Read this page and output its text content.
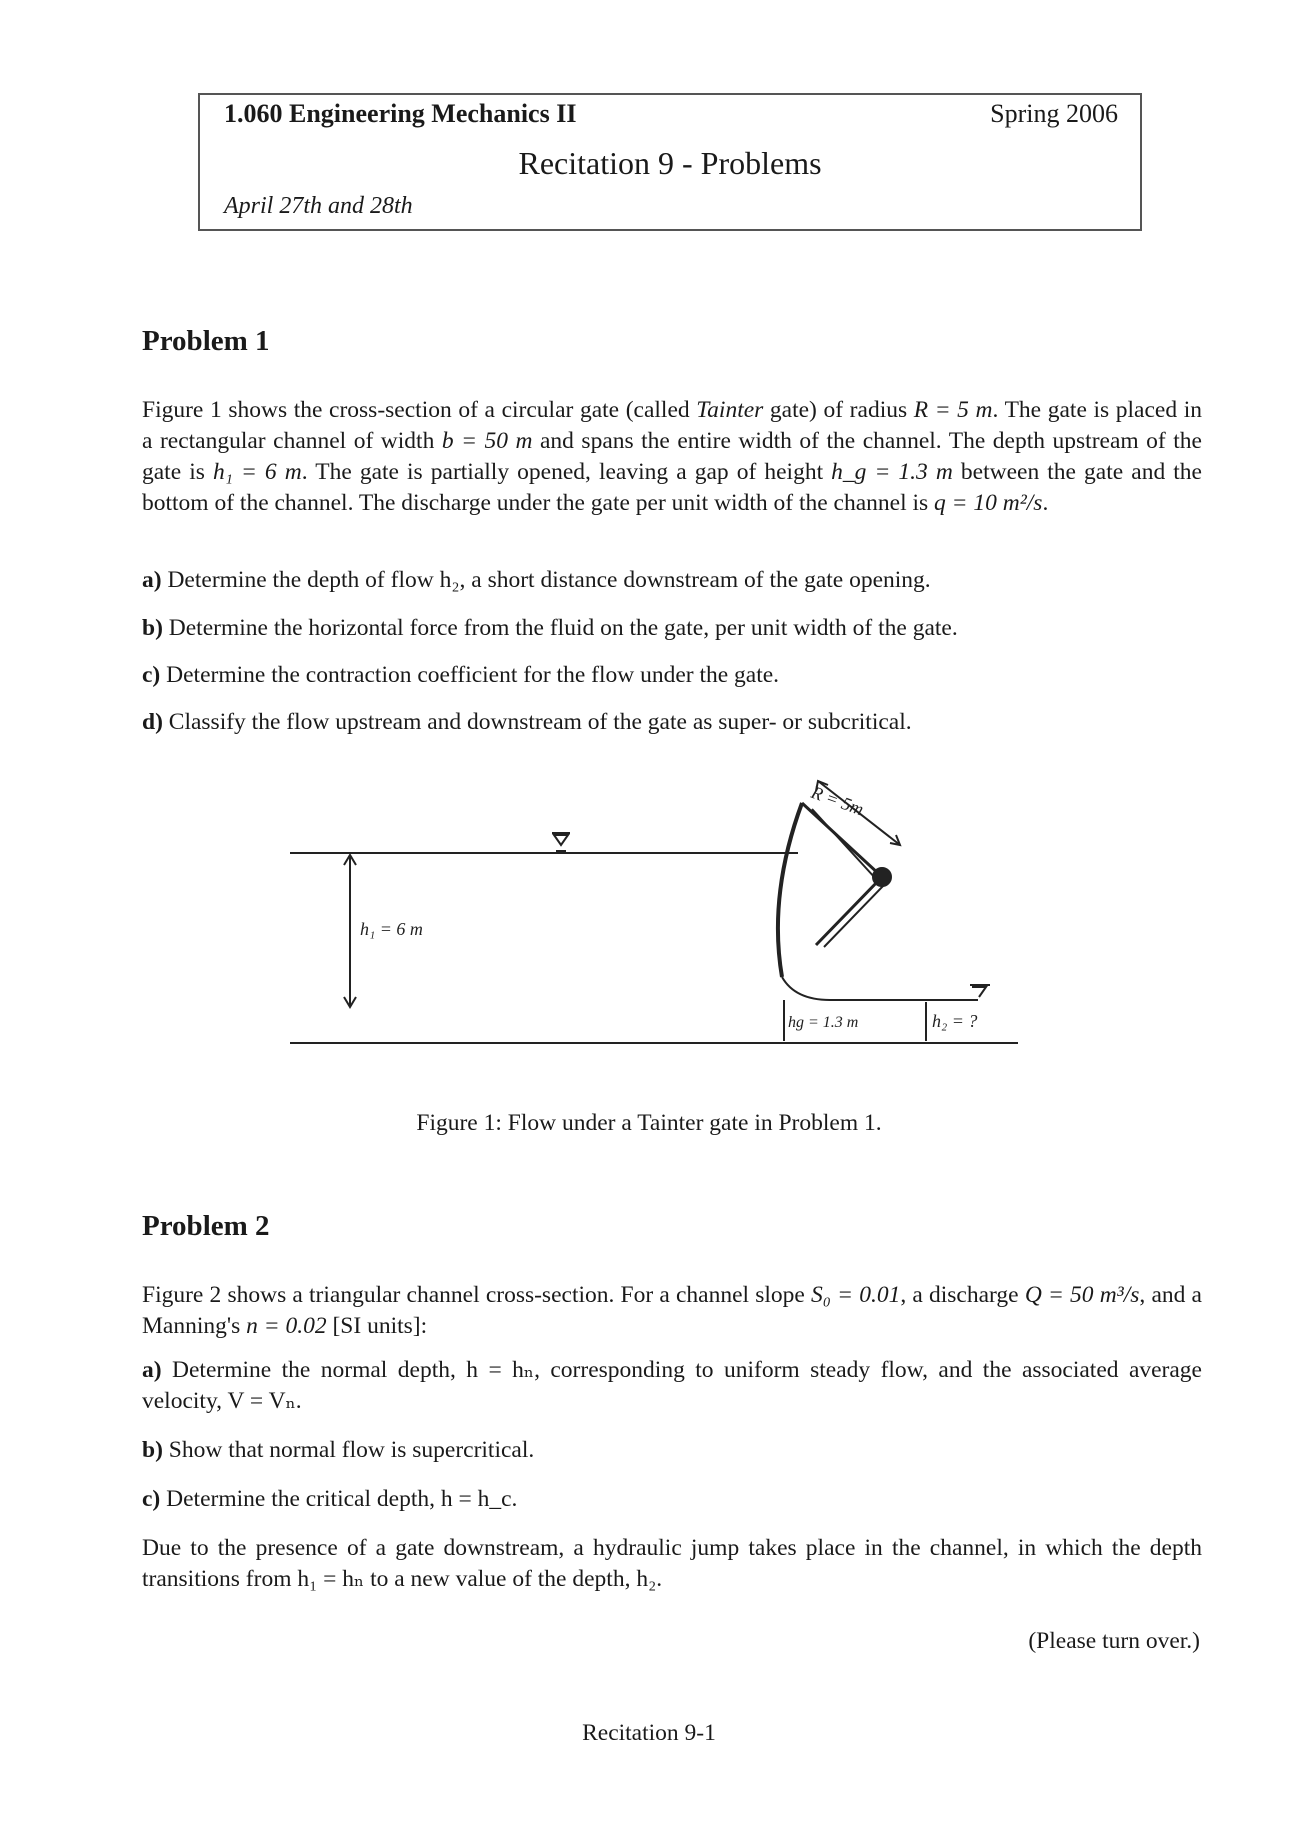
1.060 Engineering Mechanics II	Spring 2006
Recitation 9 - Problems
April 27th and 28th
Problem 1

Figure 1 shows the cross-section of a circular gate (called Tainter gate) of radius R = 5 m. The gate is placed in a rectangular channel of width b = 50 m and spans the entire width of the channel. The depth upstream of the gate is h₁ = 6 m. The gate is partially opened, leaving a gap of height h_g = 1.3 m between the gate and the bottom of the channel. The discharge under the gate per unit width of the channel is q = 10 m²/s.

a) Determine the depth of flow h₂, a short distance downstream of the gate opening.

b) Determine the horizontal force from the fluid on the gate, per unit width of the gate.

c) Determine the contraction coefficient for the flow under the gate.

d) Classify the flow upstream and downstream of the gate as super- or subcritical.

h₁ = 6 m
R = 5m
hg = 1.3 m	h₂ = ?
Figure 1: Flow under a Tainter gate in Problem 1.
Problem 2

Figure 2 shows a triangular channel cross-section. For a channel slope S₀ = 0.01, a discharge Q = 50 m³/s, and a Manning's n = 0.02 [SI units]:

a) Determine the normal depth, h = hₙ, corresponding to uniform steady flow, and the associated average velocity, V = Vₙ.

b) Show that normal flow is supercritical.

c) Determine the critical depth, h = h_c.

Due to the presence of a gate downstream, a hydraulic jump takes place in the channel, in which the depth transitions from h₁ = hₙ to a new value of the depth, h₂.

(Please turn over.)
Recitation 9-1
